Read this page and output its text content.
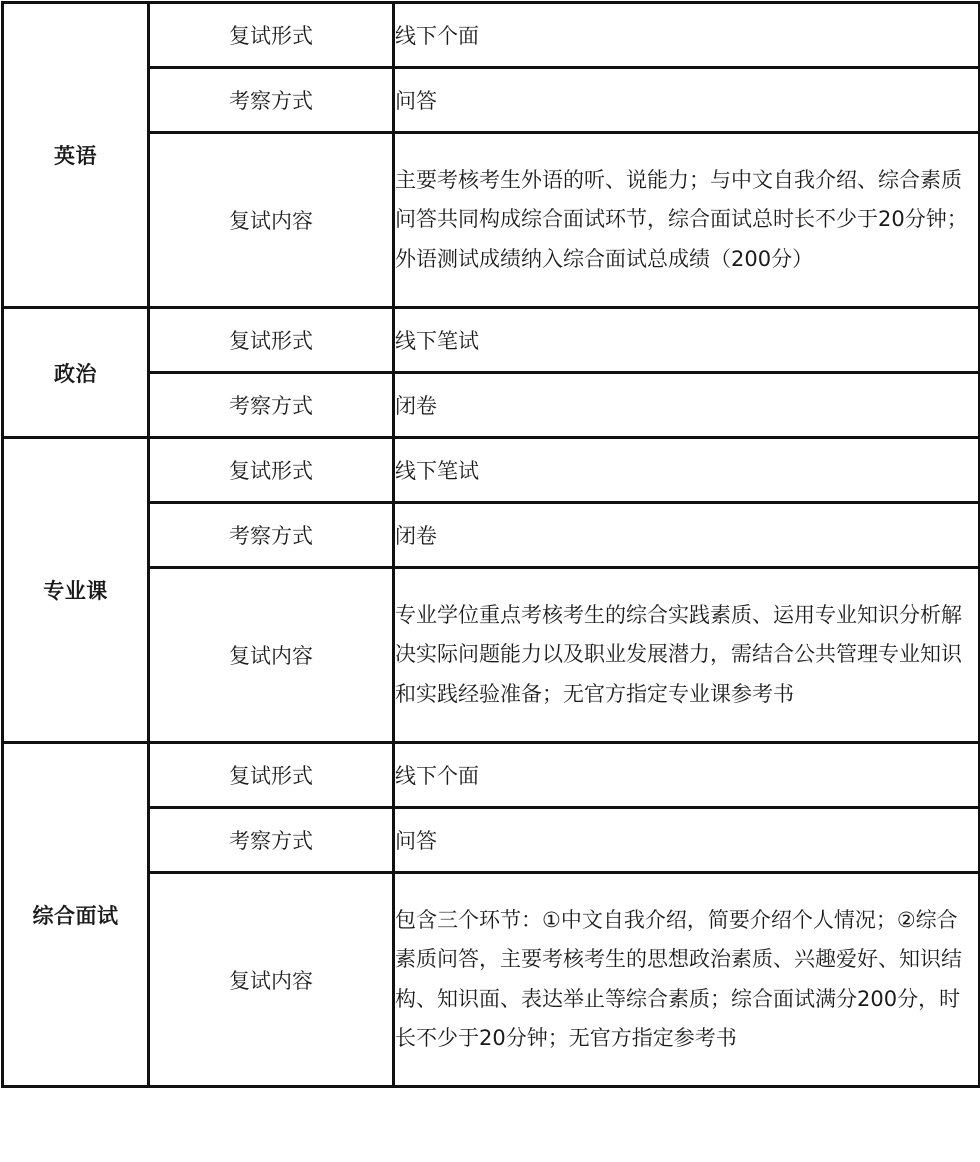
英语	复试形式	线下个面
	考察方式	问答
	复试内容	主要考核考生外语的听、说能力；与中文自我介绍、综合素质问答共同构成综合面试环节，综合面试总时长不少于20分钟；外语测试成绩纳入综合面试总成绩（200分）
政治	复试形式	线下笔试
	考察方式	闭卷
专业课	复试形式	线下笔试
	考察方式	闭卷
	复试内容	专业学位重点考核考生的综合实践素质、运用专业知识分析解决实际问题能力以及职业发展潜力，需结合公共管理专业知识和实践经验准备；无官方指定专业课参考书
综合面试	复试形式	线下个面
	考察方式	问答
	复试内容	包含三个环节：①中文自我介绍，简要介绍个人情况；②综合素质问答，主要考核考生的思想政治素质、兴趣爱好、知识结构、知识面、表达举止等综合素质；综合面试满分200分，时长不少于20分钟；无官方指定参考书
